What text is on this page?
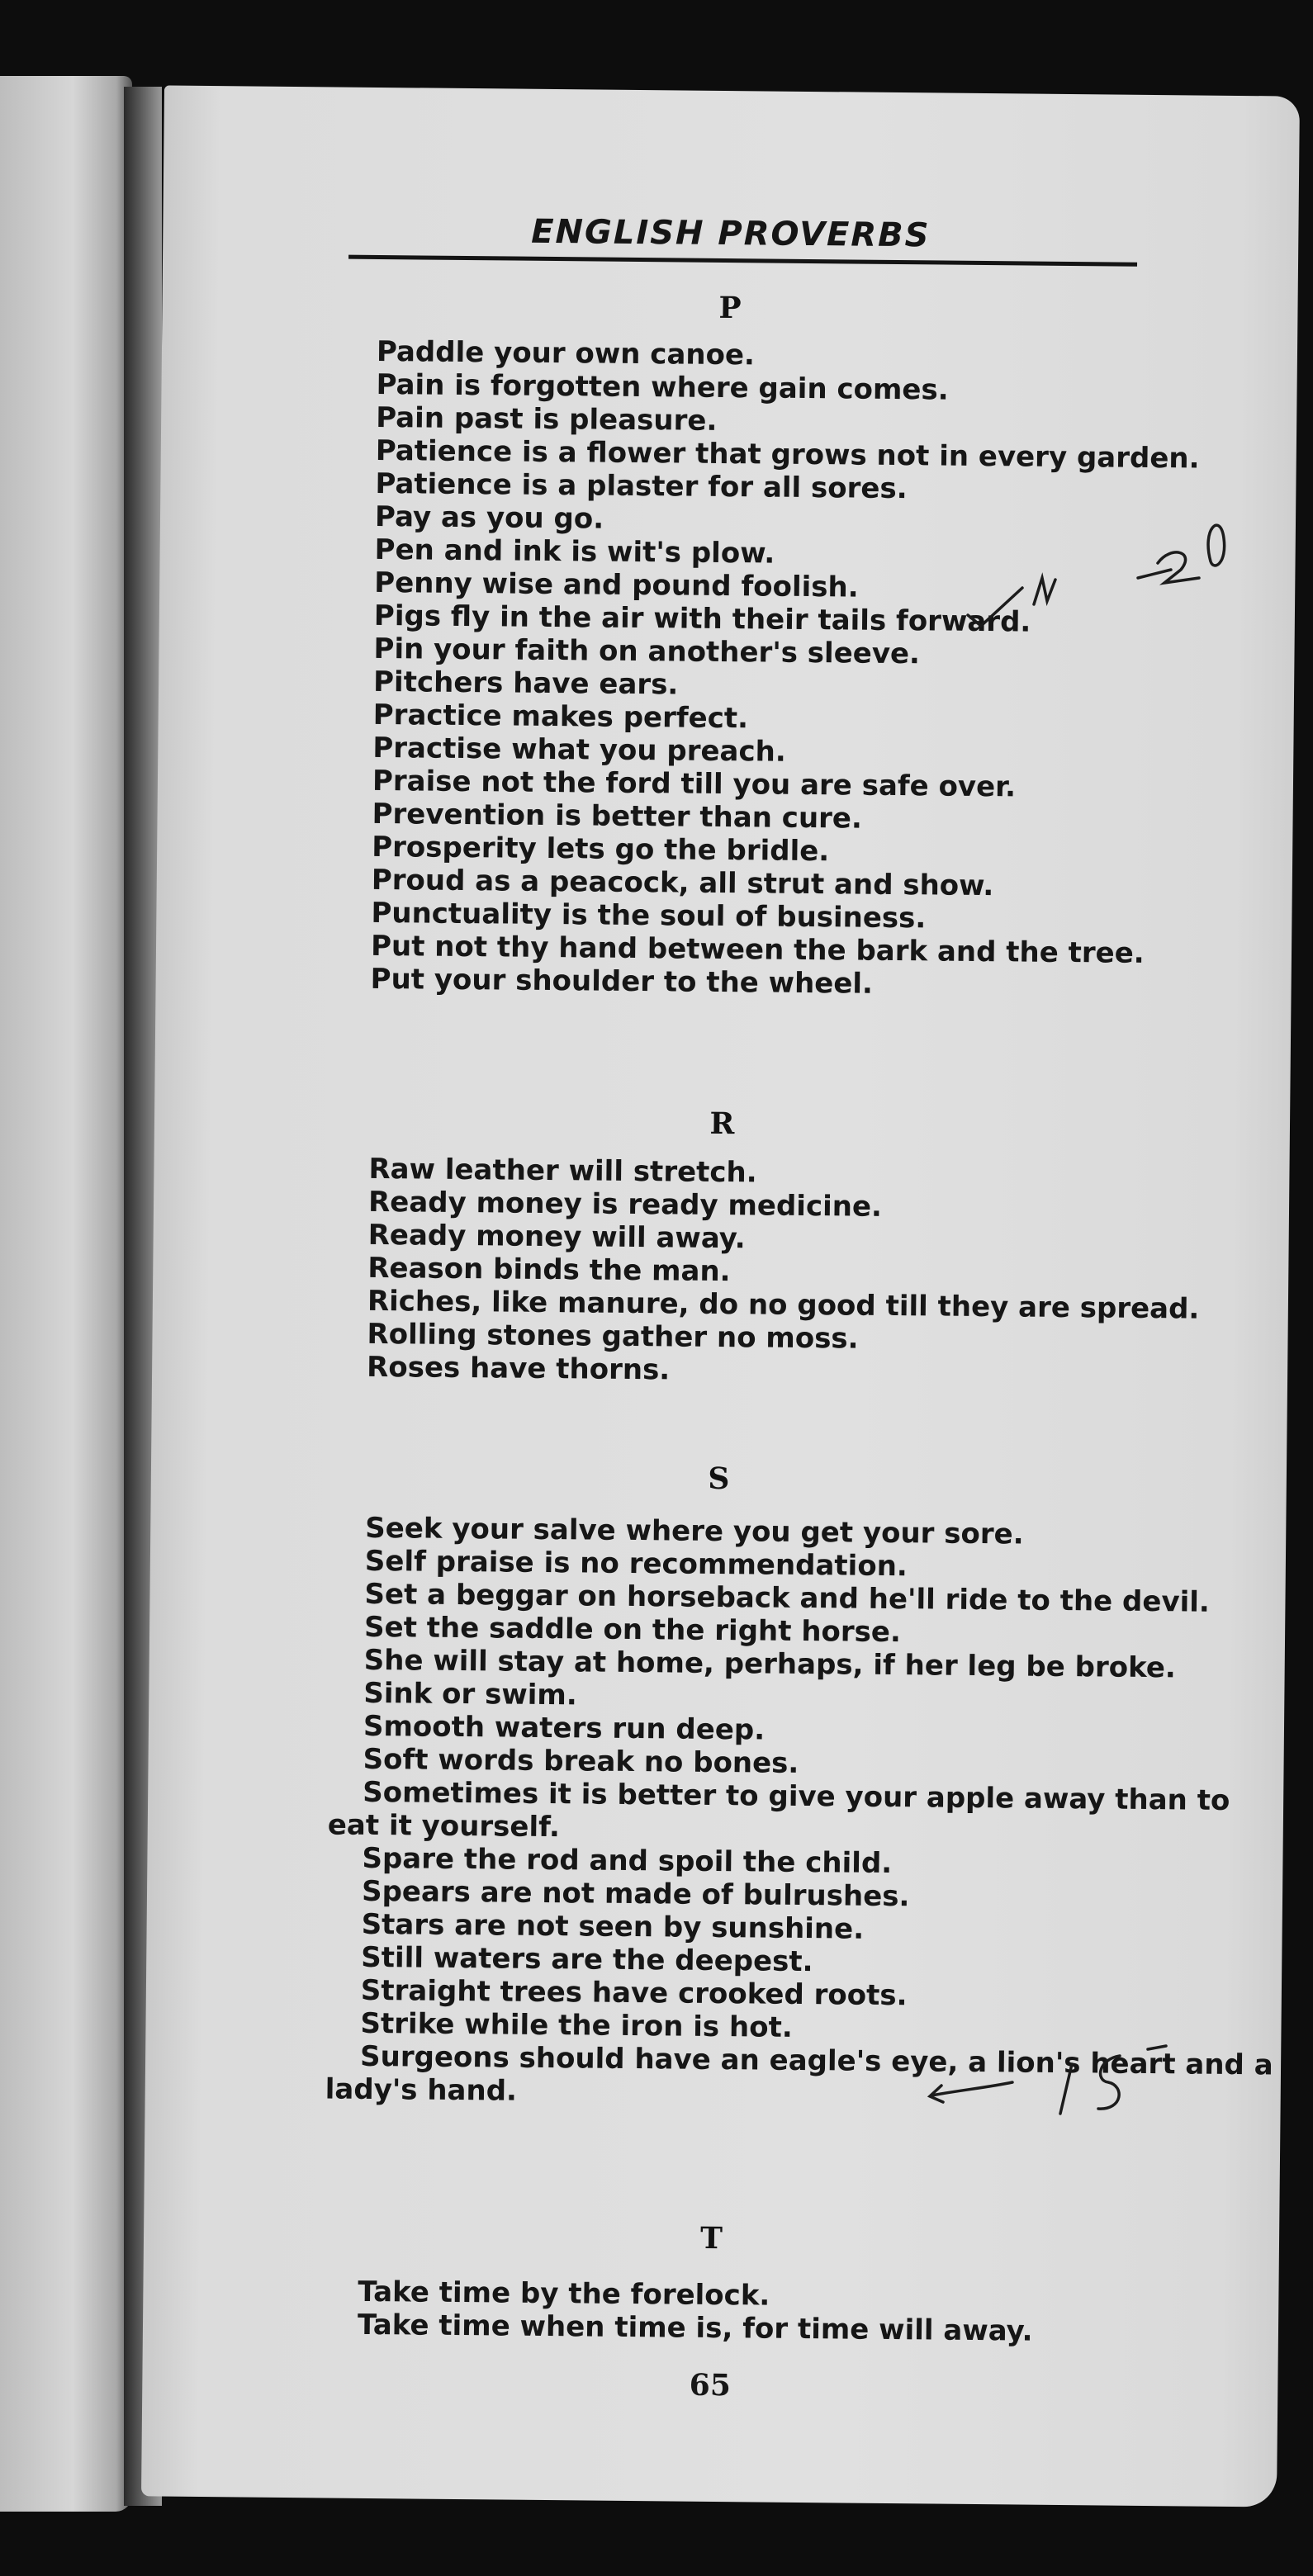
ENGLISH PROVERBS
P

Paddle your own canoe.

Pain is forgotten where gain comes.

Pain past is pleasure.

Patience is a flower that grows not in every garden.

Patience is a plaster for all sores.

Pay as you go.

Pen and ink is wit's plow.

Penny wise and pound foolish.

Pigs fly in the air with their tails forward.

Pin your faith on another's sleeve.

Pitchers have ears.

Practice makes perfect.

Practise what you preach.

Praise not the ford till you are safe over.

Prevention is better than cure.

Prosperity lets go the bridle.

Proud as a peacock, all strut and show.

Punctuality is the soul of business.

Put not thy hand between the bark and the tree.

Put your shoulder to the wheel.

R

Raw leather will stretch.

Ready money is ready medicine.

Ready money will away.

Reason binds the man.

Riches, like manure, do no good till they are spread.

Rolling stones gather no moss.

Roses have thorns.

S

Seek your salve where you get your sore.

Self praise is no recommendation.

Set a beggar on horseback and he'll ride to the devil.

Set the saddle on the right horse.

She will stay at home, perhaps, if her leg be broke.

Sink or swim.

Smooth waters run deep.

Soft words break no bones.

Sometimes it is better to give your apple away than to eat it yourself.

Spare the rod and spoil the child.

Spears are not made of bulrushes.

Stars are not seen by sunshine.

Still waters are the deepest.

Straight trees have crooked roots.

Strike while the iron is hot.

Surgeons should have an eagle's eye, a lion's heart and a lady's hand.

T

Take time by the forelock.

Take time when time is, for time will away.

65
